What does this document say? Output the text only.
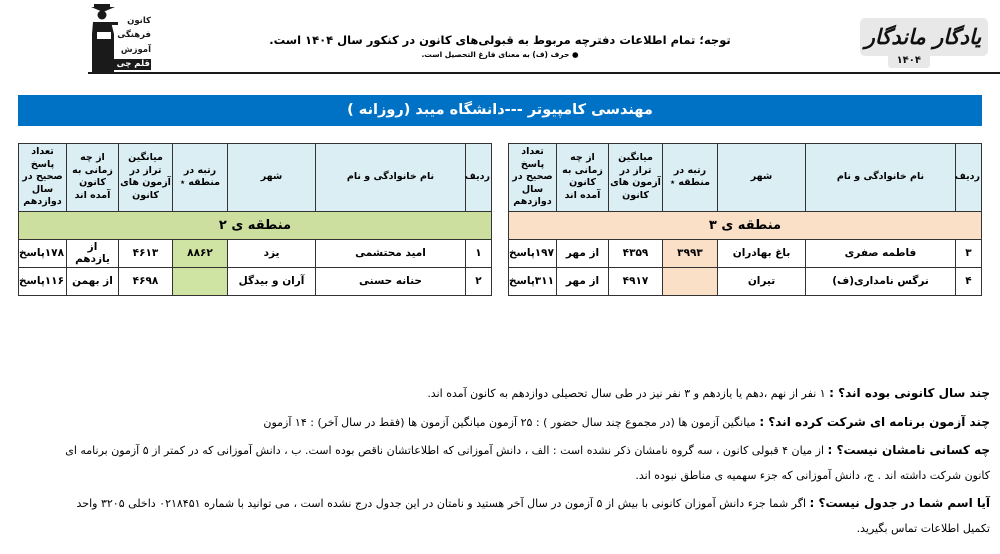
کانون
فرهنگی
آموزش
قلم چی
توجه؛ تمام اطلاعات دفترچه مربوط به قبولی‌های کانون در کنکور سال ۱۴۰۴ است.
● حرف (ف) به معنای فارغ التحصیل است.
یادگار ماندگار
۱۴۰۴
مهندسی کامپیوتر ---دانشگاه میبد (روزانه )
ردیف	نام خانوادگی و نام	شهر	رتبه در منطقه ٭	میانگین تراز در آزمون های کانون	از چه زمانی به کانون آمده اند	تعداد پاسخ صحیح در سال دوازدهم
منطقه ی ۲						
۱	امید محتشمی	یزد	۸۸۶۲	۴۶۱۳	از یازدهم	۱۷۸پاسخ
۲	حنانه حسنی	آران و بیدگل		۴۶۹۸	از بهمن	۱۱۶پاسخ
ردیف	نام خانوادگی و نام	شهر	رتبه در منطقه ٭	میانگین تراز در آزمون های کانون	از چه زمانی به کانون آمده اند	تعداد پاسخ صحیح در سال دوازدهم
منطقه ی ۳						
۳	فاطمه صفری	باغ بهادران	۳۹۹۳	۴۳۵۹	از مهر	۱۹۷پاسخ
۴	نرگس نامداری(ف)	تیران		۴۹۱۷	از مهر	۳۱۱پاسخ

چند سال کانونی بوده اند؟ : ۱ نفر از نهم ،دهم یا یازدهم و ۳ نفر نیز در طی سال تحصیلی دوازدهم به کانون آمده اند.

چند آزمون برنامه ای شرکت کرده اند؟ : میانگین آزمون ها (در مجموع چند سال حضور ) : ۲۵ آزمون میانگین آزمون ها (فقط در سال آخر) : ۱۴ آزمون

چه کسانی نامشان نیست؟ : از میان ۴ قبولی کانون ، سه گروه نامشان ذکر نشده است : الف ، دانش آموزانی که اطلاعاتشان ناقص بوده است. ب ، دانش آموزانی که در کمتر از ۵ آزمون برنامه ای

کانون شرکت داشته اند . ج، دانش آموزانی که جزء سهمیه ی مناطق نبوده اند.

آیا اسم شما در جدول نیست؟ : اگر شما جزء دانش آموزان کانونی با بیش از ۵ آزمون در سال آخر هستید و نامتان در این جدول درج نشده است ، می توانید با شماره ۰۲۱۸۴۵۱ داخلی ۳۲۰۵ واحد

تکمیل اطلاعات تماس بگیرید.
